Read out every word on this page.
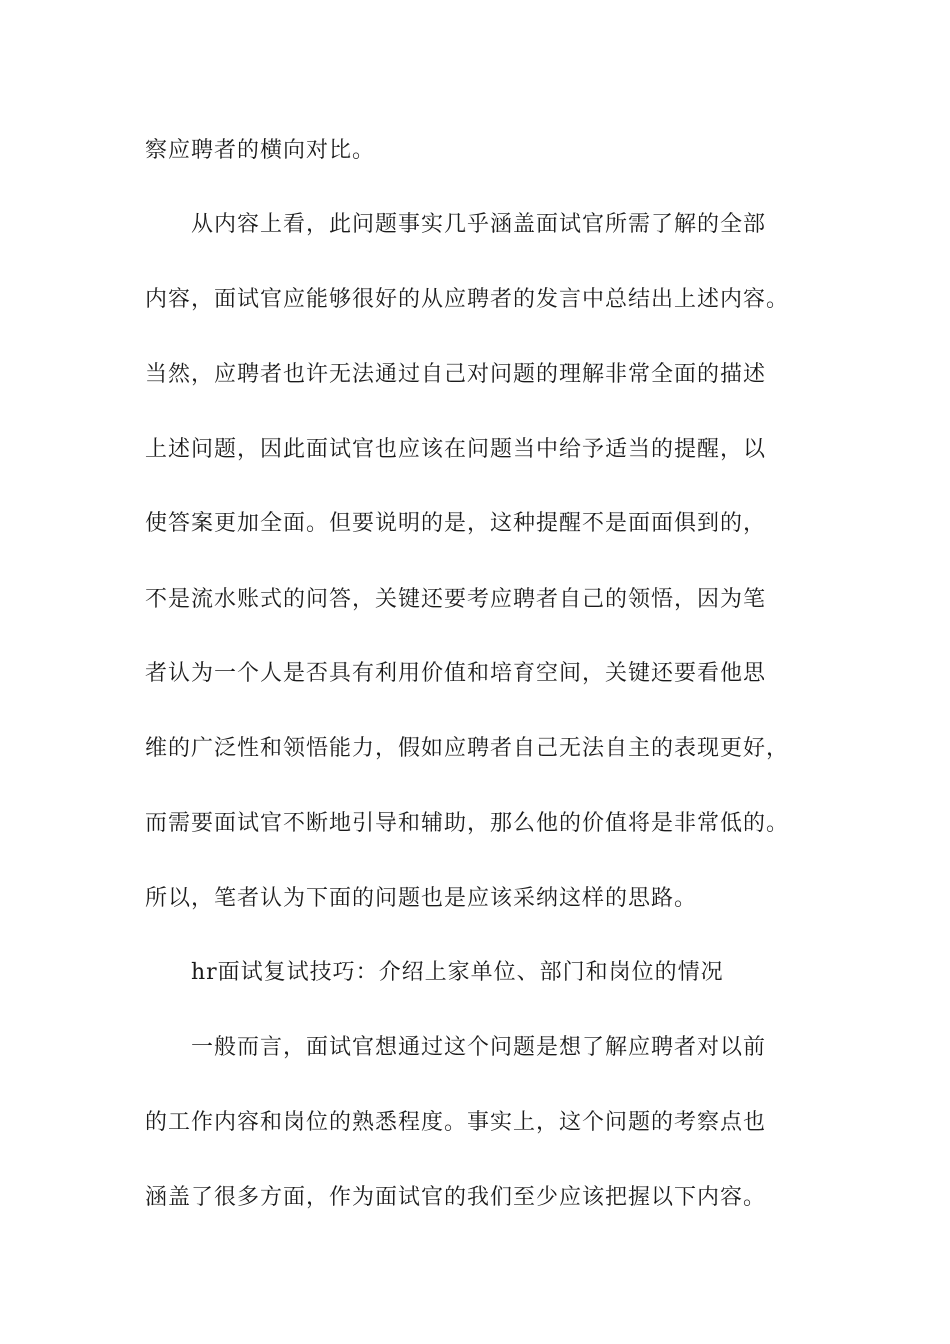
察应聘者的横向对比。
从内容上看，此问题事实几乎涵盖面试官所需了解的全部
内容，面试官应能够很好的从应聘者的发言中总结出上述内容。
当然，应聘者也许无法通过自己对问题的理解非常全面的描述
上述问题，因此面试官也应该在问题当中给予适当的提醒，以
使答案更加全面。但要说明的是，这种提醒不是面面俱到的，
不是流水账式的问答，关键还要考应聘者自己的领悟，因为笔
者认为一个人是否具有利用价值和培育空间，关键还要看他思
维的广泛性和领悟能力，假如应聘者自己无法自主的表现更好，
而需要面试官不断地引导和辅助，那么他的价值将是非常低的。
所以，笔者认为下面的问题也是应该采纳这样的思路。
hr面试复试技巧：介绍上家单位、部门和岗位的情况
一般而言，面试官想通过这个问题是想了解应聘者对以前
的工作内容和岗位的熟悉程度。事实上，这个问题的考察点也
涵盖了很多方面，作为面试官的我们至少应该把握以下内容。
